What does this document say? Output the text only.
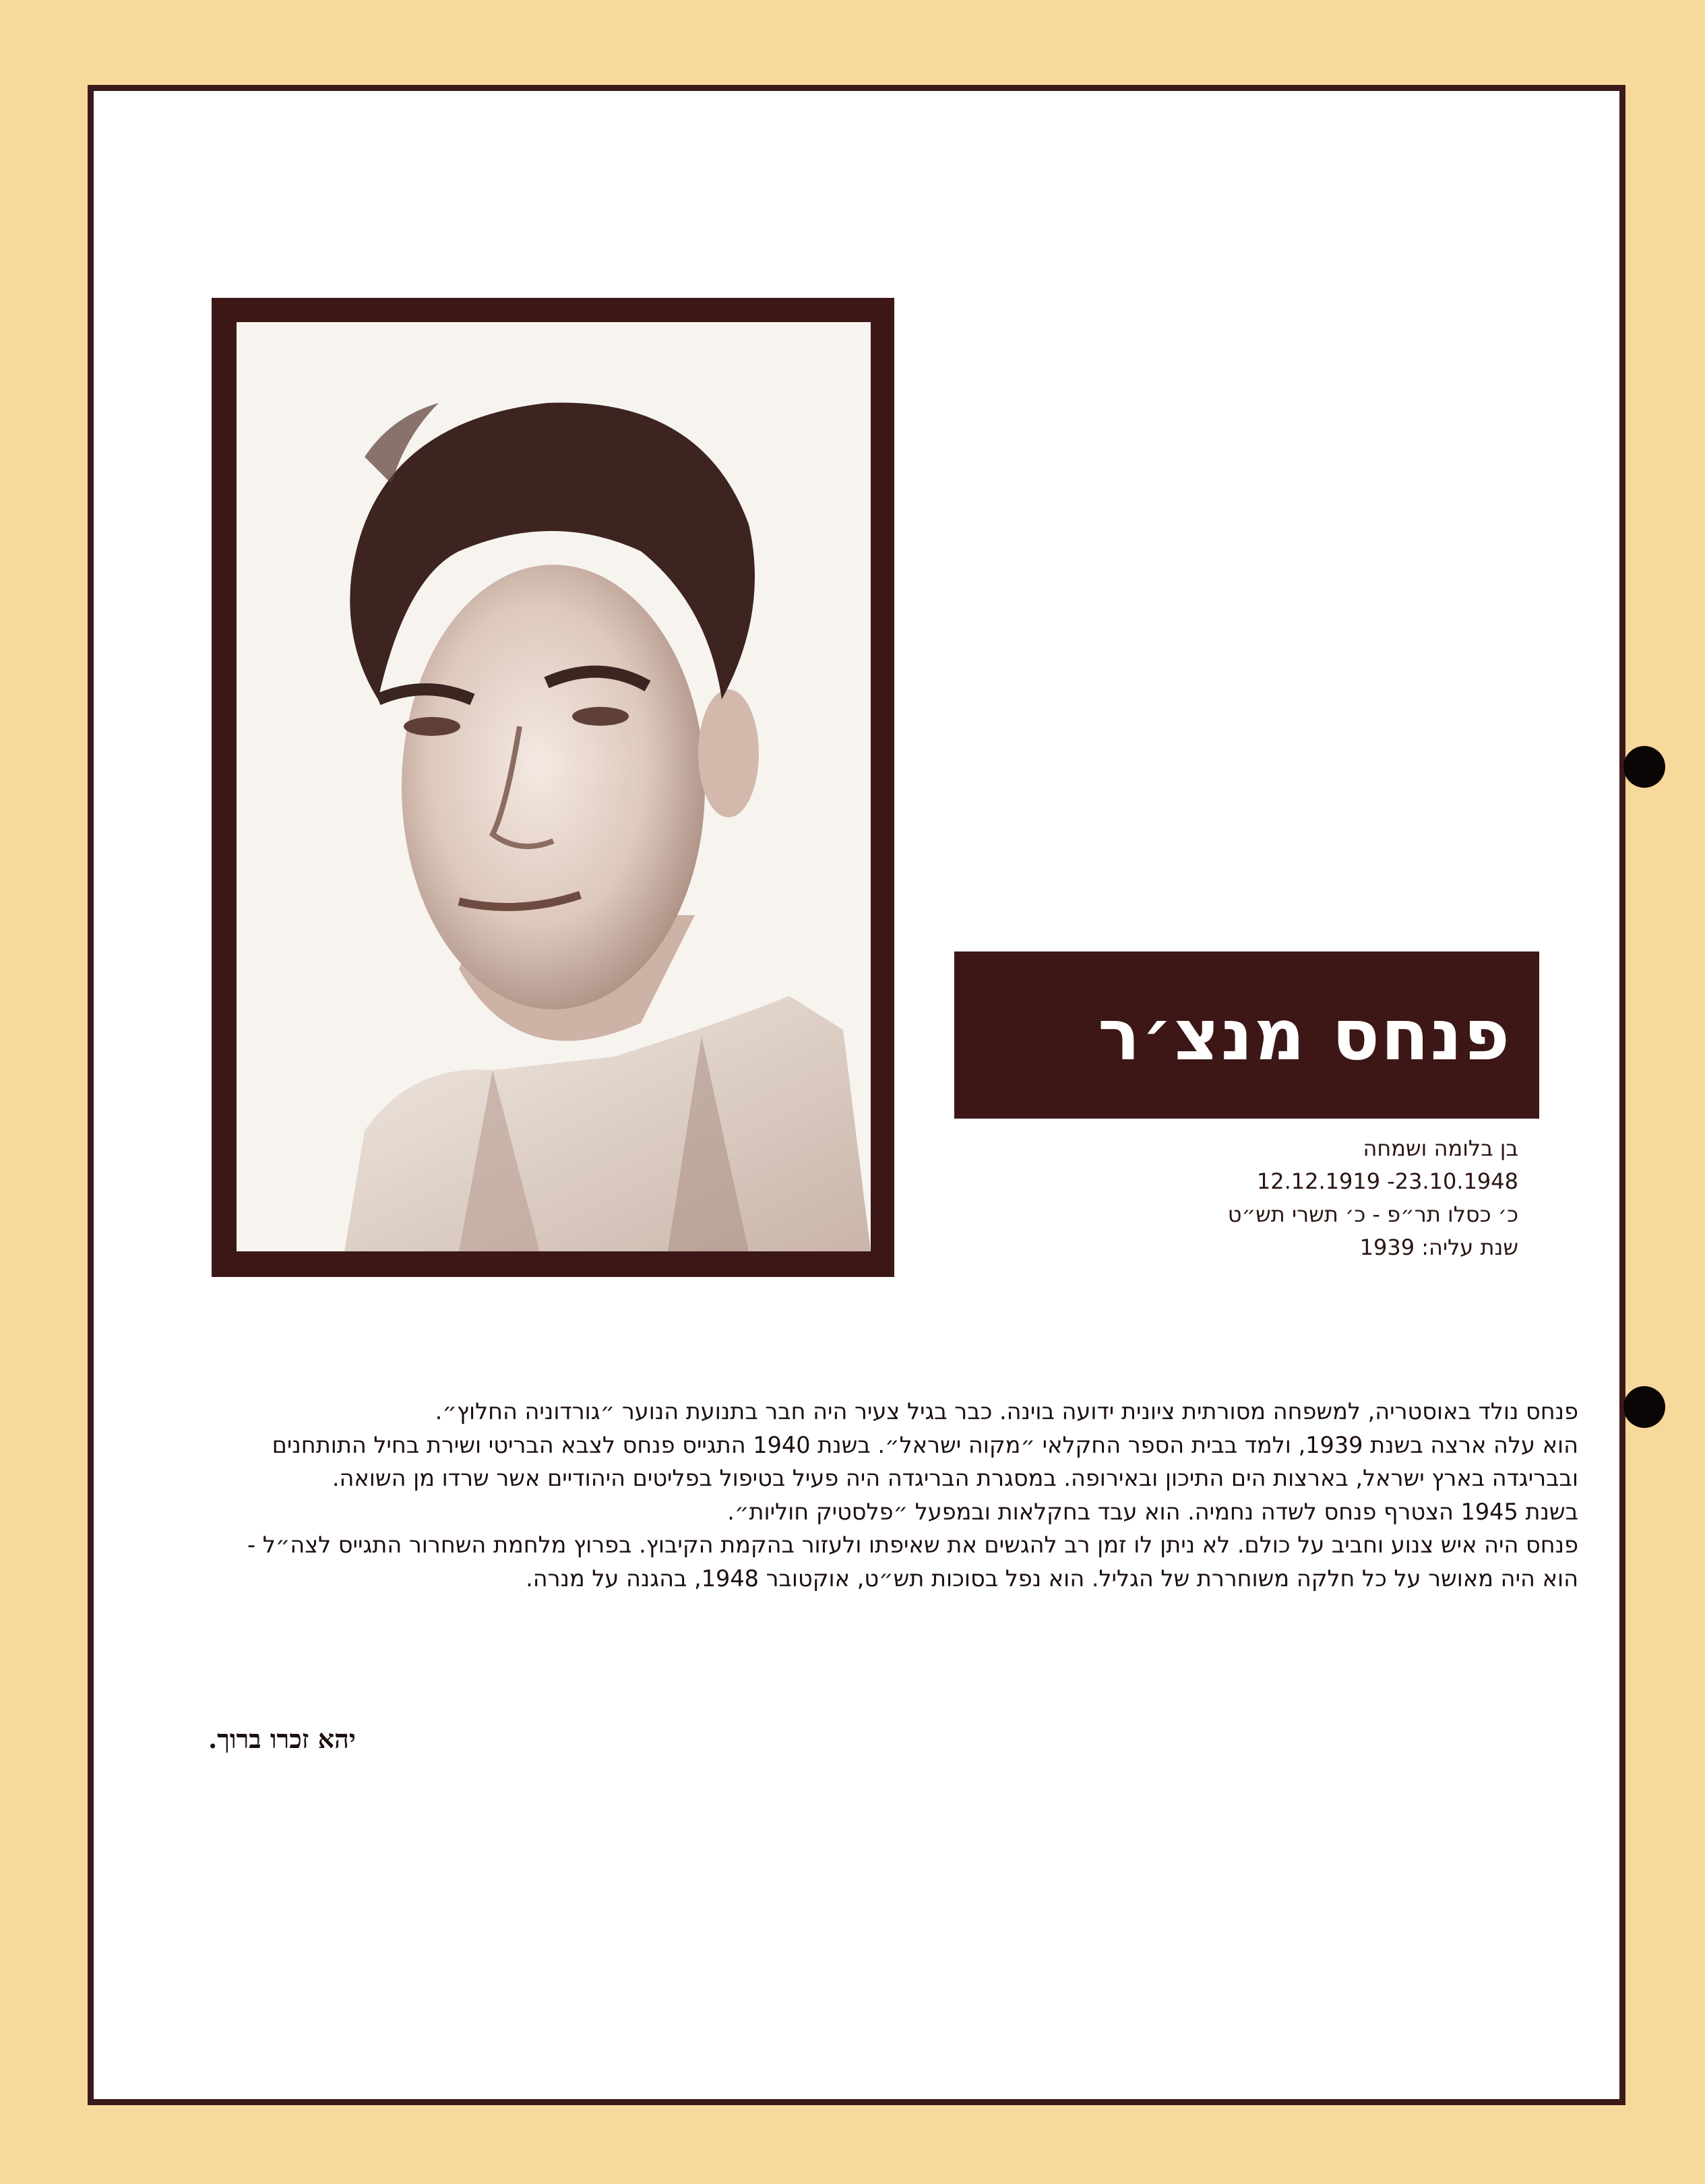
פנחס מנצ׳ר
בן בלומה ושמחה
12.12.1919 -23.10.1948
כ׳ כסלו תר״פ - כ׳ תשרי תש״ט
שנת עליה: 1939

פנחס נולד באוסטריה, למשפחה מסורתית ציונית ידועה בוינה. כבר בגיל צעיר היה חבר בתנועת הנוער ״גורדוניה החלוץ״.

הוא עלה ארצה בשנת 1939, ולמד בבית הספר החקלאי ״מקוה ישראל״. בשנת 1940 התגייס פנחס לצבא הבריטי ושירת בחיל התותחנים ובבריגדה בארץ ישראל, בארצות הים התיכון ובאירופה. במסגרת הבריגדה היה פעיל בטיפול בפליטים היהודיים אשר שרדו מן השואה.

בשנת 1945 הצטרף פנחס לשדה נחמיה. הוא עבד בחקלאות ובמפעל ״פלסטיק חוליות״.

פנחס היה איש צנוע וחביב על כולם. לא ניתן לו זמן רב להגשים את שאיפתו ולעזור בהקמת הקיבוץ. בפרוץ מלחמת השחרור התגייס לצה״ל - הוא היה מאושר על כל חלקה משוחררת של הגליל. הוא נפל בסוכות תש״ט, אוקטובר 1948, בהגנה על מנרה.

יהא זכרו ברוך.
